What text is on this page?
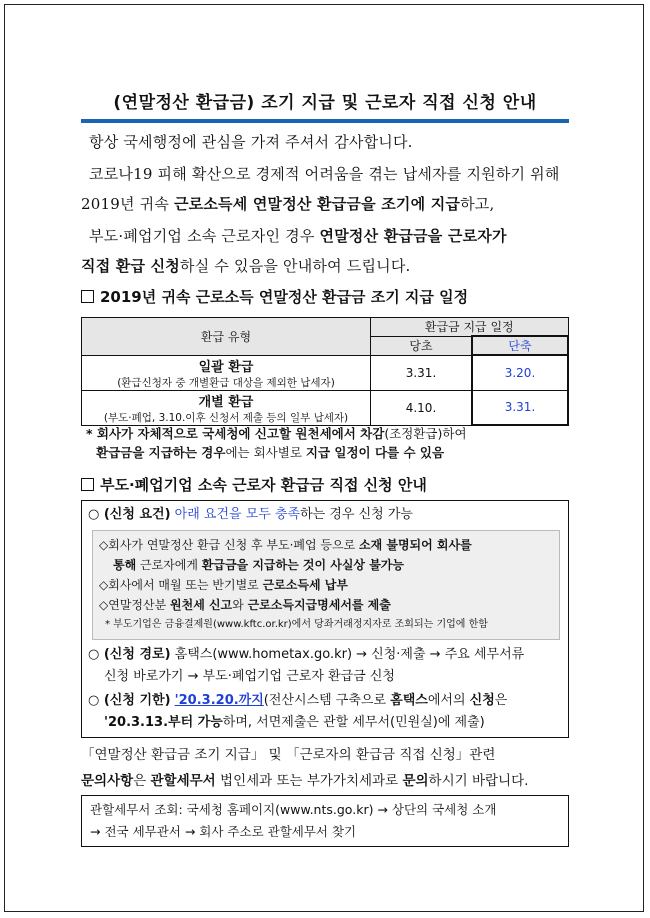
(연말정산 환급금) 조기 지급 및 근로자 직접 신청 안내

항상 국세행정에 관심을 가져 주셔서 감사합니다.

코로나19 피해 확산으로 경제적 어려움을 겪는 납세자를 지원하기 위해

2019년 귀속 근로소득세 연말정산 환급금을 조기에 지급하고,

부도·폐업기업 소속 근로자인 경우 연말정산 환급금을 근로자가

직접 환급 신청하실 수 있음을 안내하여 드립니다.

2019년 귀속 근로소득 연말정산 환급금 조기 지급 일정
환급 유형	환급금 지급 일정	
	당초	단축

일괄 환급
(환급신청자 중 개별환급 대상을 제외한 납세자)	3.31.	3.20.

개별 환급
(부도·폐업, 3.10.이후 신청서 제출 등의 일부 납세자)	4.10.	3.31.
* 회사가 자체적으로 국세청에 신고할 원천세에서 차감(조정환급)하여
환급금을 지급하는 경우에는 회사별로 지급 일정이 다를 수 있음
부도·폐업기업 소속 근로자 환급금 직접 신청 안내
○ (신청 요건) 아래 요건을 모두 충족하는 경우 신청 가능
◇회사가 연말정산 환급 신청 후 부도·폐업 등으로 소재 불명되어 회사를
통해 근로자에게 환급금을 지급하는 것이 사실상 불가능
◇회사에서 매월 또는 반기별로 근로소득세 납부
◇연말정산분 원천세 신고와 근로소득지급명세서를 제출
* 부도기업은 금융결제원(www.kftc.or.kr)에서 당좌거래정지자로 조회되는 기업에 한함
○ (신청 경로) 홈택스(www.hometax.go.kr) → 신청·제출 → 주요 세무서류
신청 바로가기 → 부도·폐업기업 근로자 환급금 신청
○ (신청 기한) '20.3.20.까지(전산시스템 구축으로 홈택스에서의 신청은
'20.3.13.부터 가능하며, 서면제출은 관할 세무서(민원실)에 제출)
「연말정산 환급금 조기 지급」 및 「근로자의 환급금 직접 신청」관련
문의사항은 관할세무서 법인세과 또는 부가가치세과로 문의하시기 바랍니다.
관할세무서 조회: 국세청 홈페이지(www.nts.go.kr) → 상단의 국세청 소개
→ 전국 세무관서 → 회사 주소로 관할세무서 찾기
